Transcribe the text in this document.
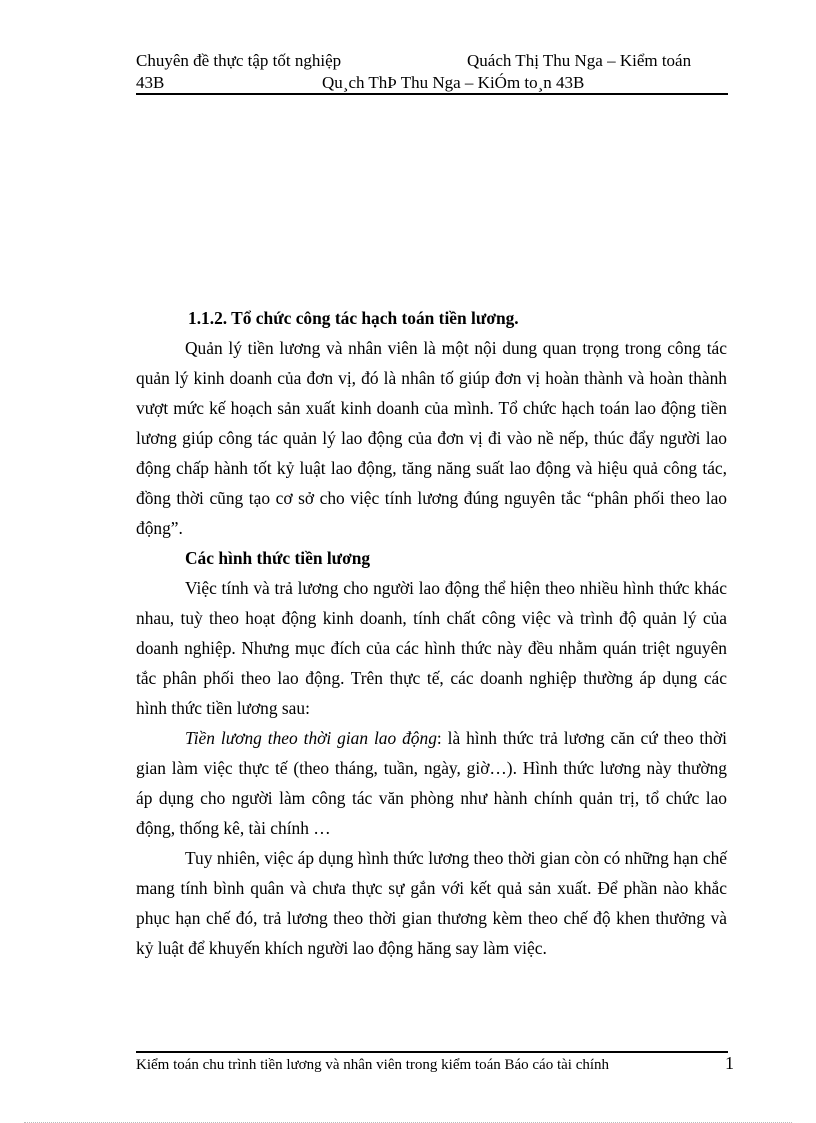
Chuyên đề thực tập tốt nghiệp	Quách Thị Thu Nga – Kiểm toán
43B	Qu¸ch ThÞ Thu Nga – KiÓm to¸n 43B

1.1.2. Tổ chức công tác hạch toán tiền lương.

Quản lý tiền lương và nhân viên là một nội dung quan trọng trong công tác quản lý kinh doanh của đơn vị, đó là nhân tố giúp đơn vị hoàn thành và hoàn thành vượt mức kế hoạch sản xuất kinh doanh của mình. Tổ chức hạch toán lao động tiền lương giúp công tác quản lý lao động của đơn vị đi vào nề nếp, thúc đẩy người lao động chấp hành tốt kỷ luật lao động, tăng năng suất lao động và hiệu quả công tác, đồng thời cũng tạo cơ sở cho việc tính lương đúng nguyên tắc “phân phối theo lao động”.

Các hình thức tiền lương

Việc tính và trả lương cho người lao động thể hiện theo nhiều hình thức khác nhau, tuỳ theo hoạt động kinh doanh, tính chất công việc và trình độ quản lý của doanh nghiệp. Nhưng mục đích của các hình thức này đều nhằm quán triệt nguyên tắc phân phối theo lao động. Trên thực tế, các doanh nghiệp thường áp dụng các hình thức tiền lương sau:

Tiền lương theo thời gian lao động: là hình thức trả lương căn cứ theo thời gian làm việc thực tế (theo tháng, tuần, ngày, giờ…). Hình thức lương này thường áp dụng cho người làm công tác văn phòng như hành chính quản trị, tổ chức lao động, thống kê, tài chính …

Tuy nhiên, việc áp dụng hình thức lương theo thời gian còn có những hạn chế mang tính bình quân và chưa thực sự gắn với kết quả sản xuất. Để phần nào khắc phục hạn chế đó, trả lương theo thời gian thương kèm theo chế độ khen thưởng và kỷ luật để khuyến khích người lao động hăng say làm việc.

Kiểm toán chu trình tiền lương và nhân viên trong kiểm toán Báo cáo tài chính	1
